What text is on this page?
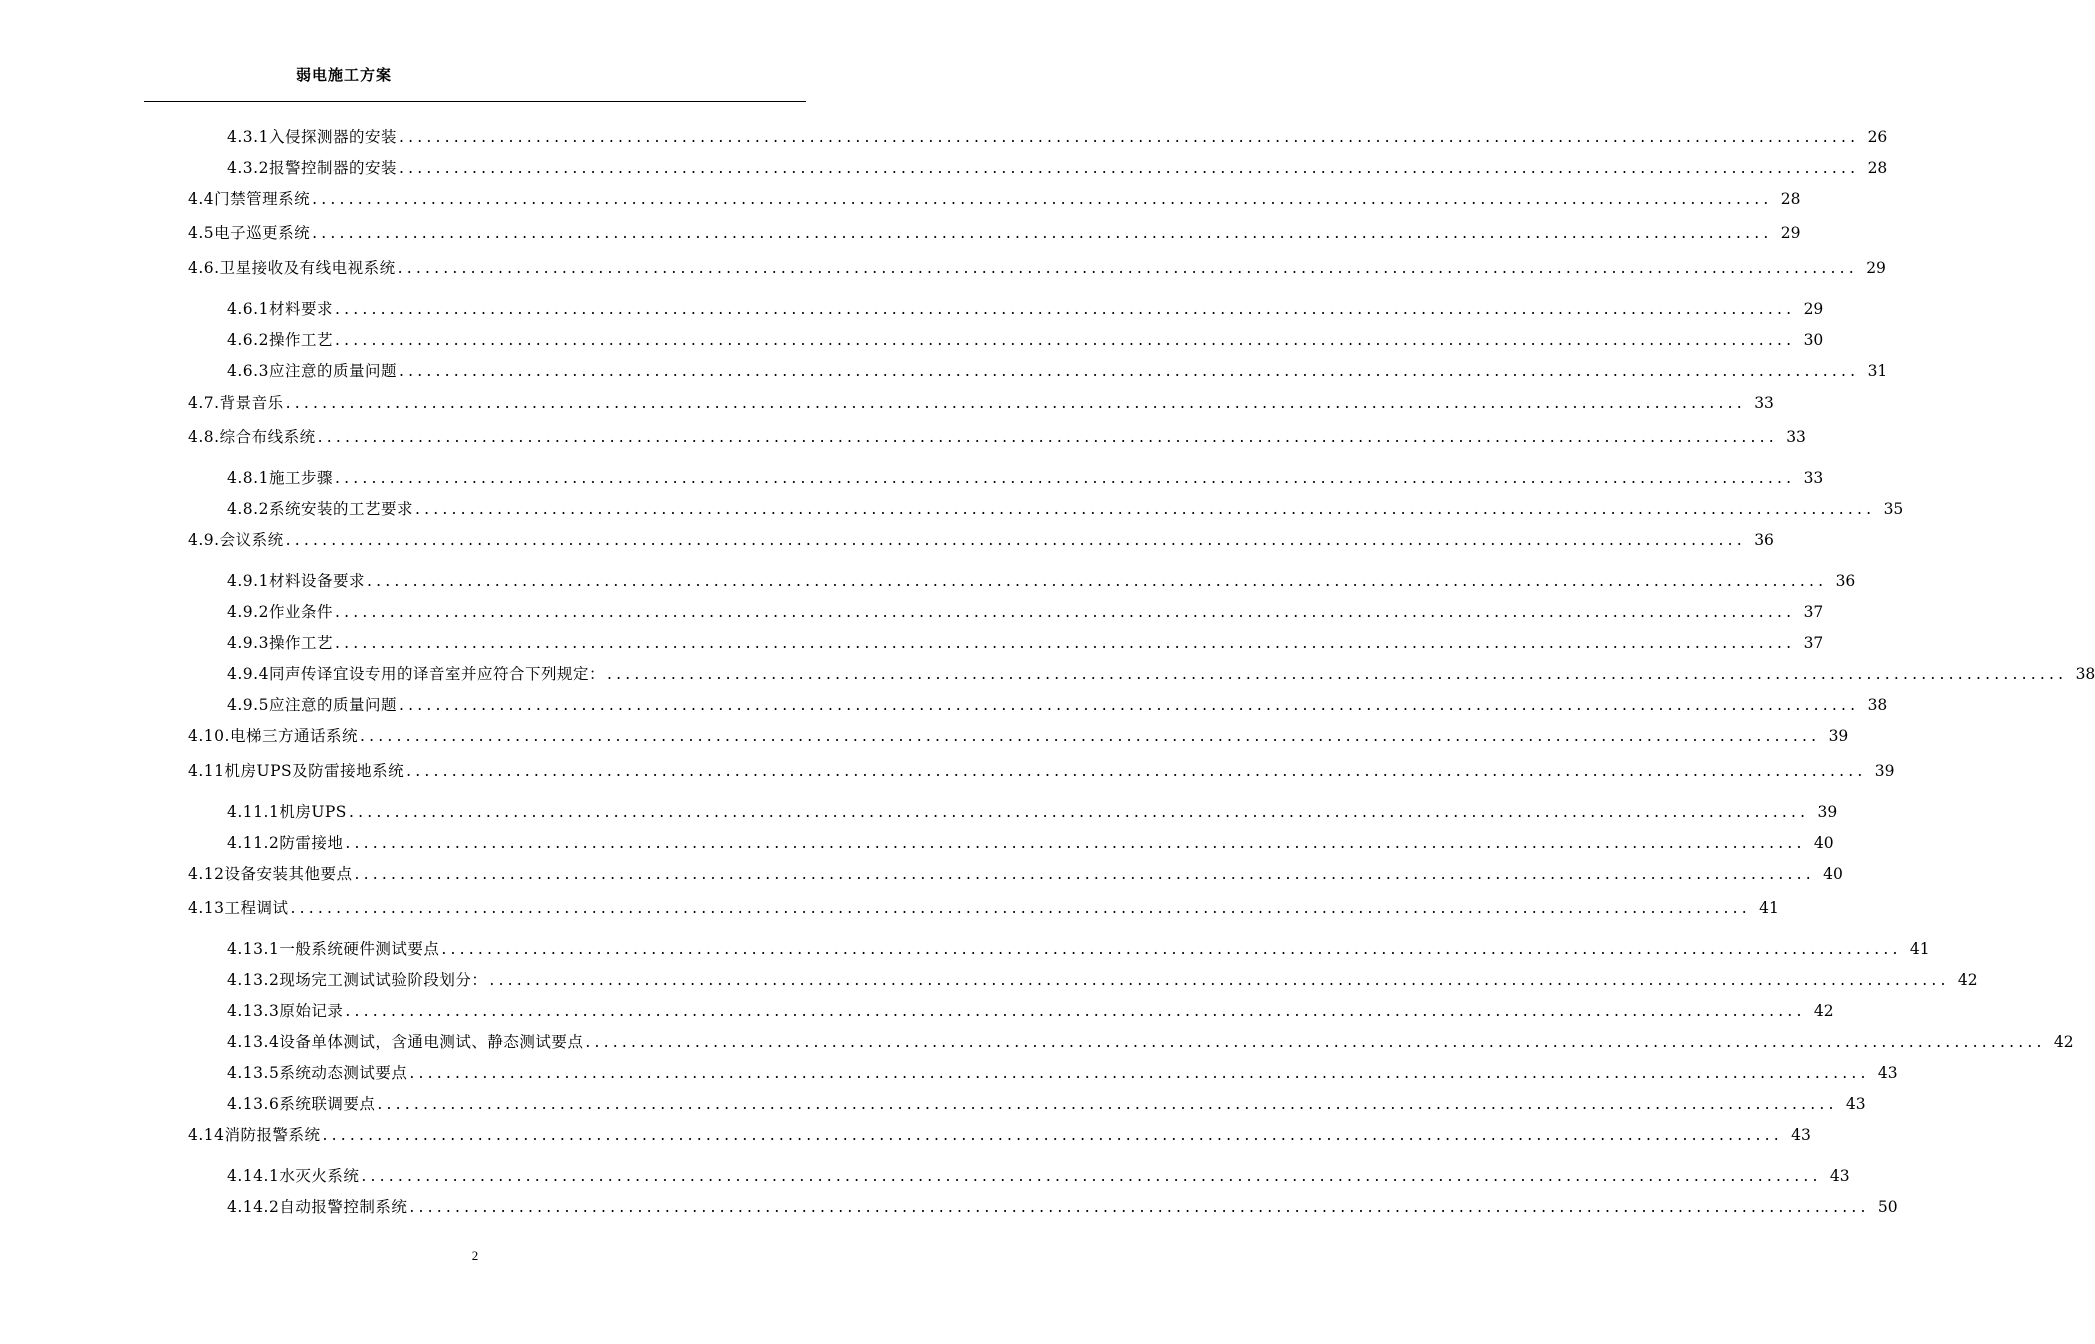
弱电施工方案
4.3.1 入侵探测器的安装 ................................................................................................................................................................ 26
4.3.2 报警控制器的安装 ................................................................................................................................................................ 28
4.4 门禁管理系统 ................................................................................................................................................................ 28
4.5 电子巡更系统 ................................................................................................................................................................ 29
4.6. 卫星接收及有线电视系统 ................................................................................................................................................................ 29
4.6.1 材料要求 ................................................................................................................................................................ 29
4.6.2 操作工艺 ................................................................................................................................................................ 30
4.6.3 应注意的质量问题 ................................................................................................................................................................ 31
4.7. 背景音乐 ................................................................................................................................................................ 33
4.8. 综合布线系统 ................................................................................................................................................................ 33
4.8.1 施工步骤 ................................................................................................................................................................ 33
4.8.2 系统安装的工艺要求 ................................................................................................................................................................ 35
4.9. 会议系统 ................................................................................................................................................................ 36
4.9.1 材料设备要求 ................................................................................................................................................................ 36
4.9.2 作业条件 ................................................................................................................................................................ 37
4.9.3 操作工艺 ................................................................................................................................................................ 37
4.9.4 同声传译宜设专用的译音室并应符合下列规定： ................................................................................................................................................................ 38
4.9.5 应注意的质量问题 ................................................................................................................................................................ 38
4.10. 电梯三方通话系统 ................................................................................................................................................................ 39
4.11 机房UPS及防雷接地系统 ................................................................................................................................................................ 39
4.11.1 机房UPS ................................................................................................................................................................ 39
4.11.2 防雷接地 ................................................................................................................................................................ 40
4.12 设备安装其他要点 ................................................................................................................................................................ 40
4.13 工程调试 ................................................................................................................................................................ 41
4.13.1 一般系统硬件测试要点 ................................................................................................................................................................ 41
4.13.2 现场完工测试试验阶段划分： ................................................................................................................................................................ 42
4.13.3 原始记录 ................................................................................................................................................................ 42
4.13.4 设备单体测试，含通电测试、静态测试要点 ................................................................................................................................................................ 42
4.13.5 系统动态测试要点 ................................................................................................................................................................ 43
4.13.6 系统联调要点 ................................................................................................................................................................ 43
4.14 消防报警系统 ................................................................................................................................................................ 43
4.14.1 水灭火系统 ................................................................................................................................................................ 43
4.14.2 自动报警控制系统 ................................................................................................................................................................ 50
2
